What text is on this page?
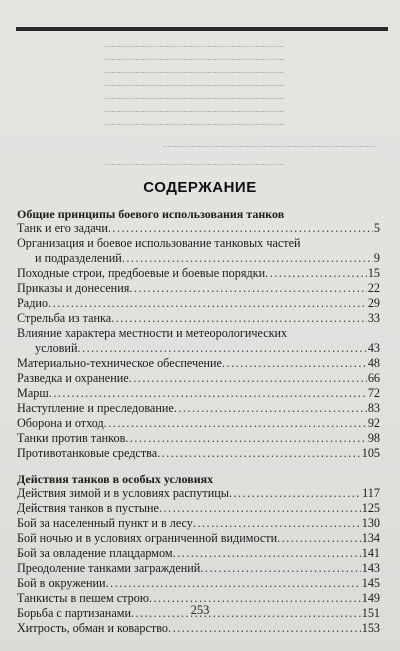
...........................................................................
...........................................................................
...........................................................................
...........................................................................
...........................................................................
...........................................................................
...........................................................................
.........................................................................................
...........................................................................
СОДЕРЖАНИЕ
Общие принципы боевого использования танков
Танк и его задачи .....	5
Организация и боевое использование танковых частей
и подразделений .....	9
Походные строи, предбоевые и боевые порядки .....	15
Приказы и донесения .....	22
Радио .....	29
Стрельба из танка .....	33
Влияние характера местности и метеорологических
условий .....	43
Материально-техническое обеспечение .....	48
Разведка и охранение .....	66
Марш .....	72
Наступление и преследование .....	83
Оборона и отход .....	92
Танки против танков .....	98
Противотанковые средства .....	105
Действия танков в особых условиях
Действия зимой и в условиях распутицы .....	117
Действия танков в пустыне .....	125
Бой за населенный пункт и в лесу .....	130
Бой ночью и в условиях ограниченной видимости .....	134
Бой за овладение плацдармом .....	141
Преодоление танками заграждений .....	143
Бой в окружении .....	145
Танкисты в пешем строю .....	149
Борьба с партизанами .....	151
Хитрость, обман и коварство .....	153
253
